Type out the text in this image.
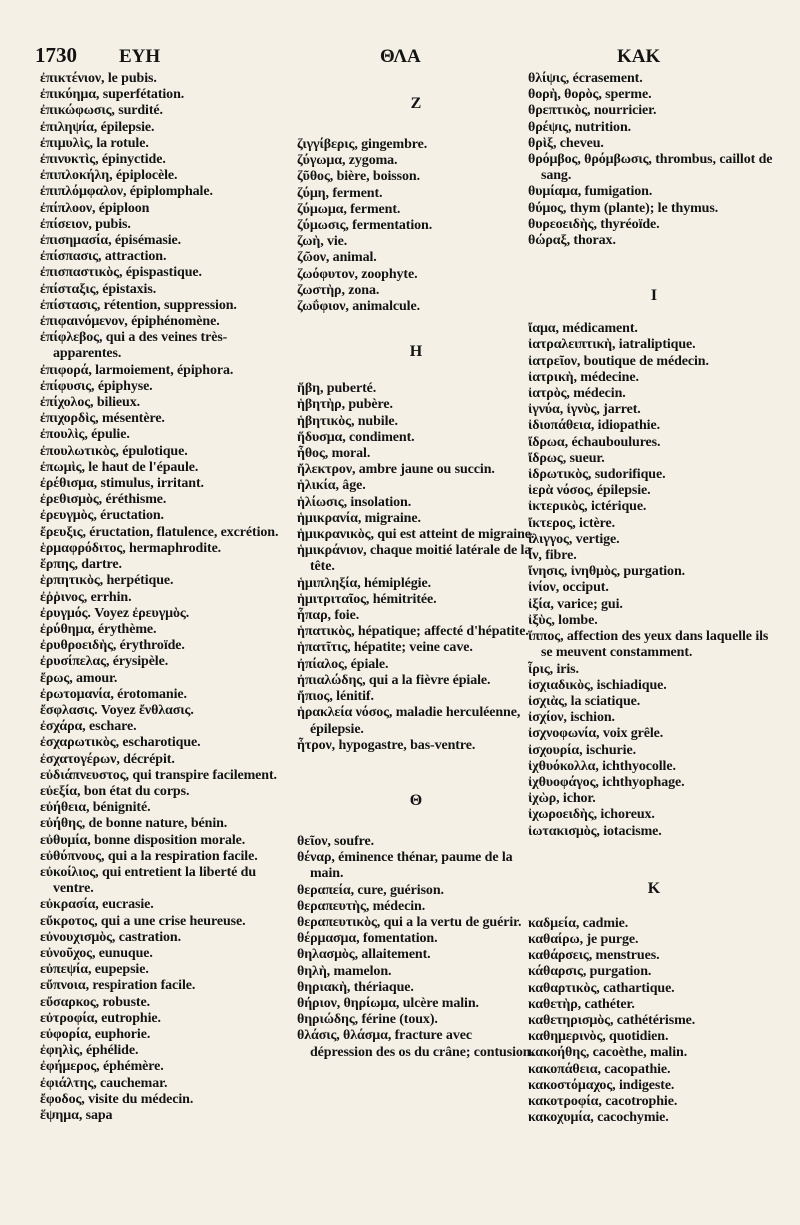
1730 ΕΥΗ	ΘΛΑ	ΚΑΚ

ἐπικτένιον, le pubis.

ἐπικύημα, superfétation.

ἐπικώφωσις, surdité.

ἐπιληψία, épilepsie.

ἐπιμυλὶς, la rotule.

ἐπινυκτὶς, épinyctide.

ἐπιπλοκήλη, épiplocèle.

ἐπιπλόμφαλον, épiplomphale.

ἐπίπλοον, épiploon

ἐπίσειον, pubis.

ἐπισημασία, épisémasie.

ἐπίσπασις, attraction.

ἐπισπαστικὸς, épispastique.

ἐπίσταξις, épistaxis.

ἐπίστασις, rétention, suppression.

ἐπιφαινόμενον, épiphénomène.

ἐπίφλεβος, qui a des veines très-apparentes.

ἐπιφορά, larmoiement, épiphora.

ἐπίφυσις, épiphyse.

ἐπίχολος, bilieux.

ἐπιχορδὶς, mésentère.

ἐπουλὶς, épulie.

ἐπουλωτικὸς, épulotique.

ἐπωμὶς, le haut de l'épaule.

ἐρέθισμα, stimulus, irritant.

ἐρεθισμὸς, éréthisme.

ἐρευγμὸς, éructation.

ἔρευξις, éructation, flatulence, excrétion.

ἑρμαφρόδιτος, hermaphrodite.

ἕρπης, dartre.

ἑρπητικὸς, herpétique.

ἐῤῥινος, errhin.

ἐρυγμός. Voyez ἐρευγμὸς.

ἐρύθημα, érythème.

ἐρυθροειδὴς, érythroïde.

ἐρυσίπελας, érysipèle.

ἔρως, amour.

ἐρωτομανία, érotomanie.

ἔσφλασις. Voyez ἔνθλασις.

ἐσχάρα, eschare.

ἐσχαρωτικὸς, escharotique.

ἐσχατογέρων, décrépit.

εὐδιάπνευστος, qui transpire facilement.

εὐεξία, bon état du corps.

εὐήθεια, bénignité.

εὐήθης, de bonne nature, bénin.

εὐθυμία, bonne disposition morale.

εὐθύπνους, qui a la respiration facile.

εὐκοίλιος, qui entretient la liberté du ventre.

εὐκρασία, eucrasie.

εὔκροτος, qui a une crise heureuse.

εὐνουχισμὸς, castration.

εὐνοῦχος, eunuque.

εὐπεψία, eupepsie.

εὔπνοια, respiration facile.

εὔσαρκος, robuste.

εὐτροφία, eutrophie.

εὐφορία, euphorie.

ἐφηλὶς, éphélide.

ἐφήμερος, éphémère.

ἐφιάλτης, cauchemar.

ἔφοδος, visite du médecin.

ἕψημα, sapa

Ζ

ζιγγίβερις, gingembre.

ζύγωμα, zygoma.

ζῦθος, bière, boisson.

ζύμη, ferment.

ζύμωμα, ferment.

ζύμωσις, fermentation.

ζωὴ, vie.

ζῶον, animal.

ζωόφυτον, zoophyte.

ζωστὴρ, zona.

ζωΰφιον, animalcule.

Η

ἥβη, puberté.

ἡβητὴρ, pubère.

ἡβητικὸς, nubile.

ἥδυσμα, condiment.

ἦθος, moral.

ἤλεκτρον, ambre jaune ou succin.

ἡλικία, âge.

ἡλίωσις, insolation.

ἡμικρανία, migraine.

ἡμικρανικὸς, qui est atteint de migraine.

ἡμικράνιον, chaque moitié latérale de la tête.

ἡμιπληξία, hémiplégie.

ἡμιτριταῖος, hémitritée.

ἧπαρ, foie.

ἡπατικὸς, hépatique; affecté d'hépatite.

ἡπατῖτις, hépatite; veine cave.

ἠπίαλος, épiale.

ἠπιαλώδης, qui a la fièvre épiale.

ἤπιος, lénitif.

ἡρακλεία νόσος, maladie herculéenne, épilepsie.

ἦτρον, hypogastre, bas-ventre.

Θ

θεῖον, soufre.

θέναρ, éminence thénar, paume de la main.

θεραπεία, cure, guérison.

θεραπευτὴς, médecin.

θεραπευτικὸς, qui a la vertu de guérir.

θέρμασμα, fomentation.

θηλασμὸς, allaitement.

θηλὴ, mamelon.

θηριακὴ, thériaque.

θήριον, θηρίωμα, ulcère malin.

θηριώδης, férine (toux).

θλάσις, θλάσμα, fracture avec dépression des os du crâne; contusion.

θλίψις, écrasement.

θορὴ, θορὸς, sperme.

θρεπτικὸς, nourricier.

θρέψις, nutrition.

θρὶξ, cheveu.

θρόμβος, θρόμβωσις, thrombus, caillot de sang.

θυμίαμα, fumigation.

θύμος, thym (plante); le thymus.

θυρεοειδὴς, thyréoïde.

θώραξ, thorax.

Ι

ἴαμα, médicament.

ἰατραλειπτικὴ, iatraliptique.

ἰατρεῖον, boutique de médecin.

ἰατρικὴ, médecine.

ἰατρὸς, médecin.

ἰγνύα, ἰγνὺς, jarret.

ἰδιοπάθεια, idiopathie.

ἴδρωα, échauboulures.

ἴδρως, sueur.

ἱδρωτικὸς, sudorifique.

ἱερὰ νόσος, épilepsie.

ἰκτερικὸς, ictérique.

ἴκτερος, ictère.

ἴλιγγος, vertige.

ἶν, fibre.

ἴνησις, ἰνηθμὸς, purgation.

ἰνίον, occiput.

ἰξία, varice; gui.

ἰξὺς, lombe.

ἵππος, affection des yeux dans laquelle ils se meuvent constamment.

ἶρις, iris.

ἰσχιαδικὸς, ischiadique.

ἰσχιὰς, la sciatique.

ἰσχίον, ischion.

ἰσχνοφωνία, voix grêle.

ἰσχουρία, ischurie.

ἰχθυόκολλα, ichthyocolle.

ἰχθυοφάγος, ichthyophage.

ἰχὼρ, ichor.

ἰχωροειδὴς, ichoreux.

ἰωτακισμὸς, iotacisme.

Κ

καδμεία, cadmie.

καθαίρω, je purge.

καθάρσεις, menstrues.

κάθαρσις, purgation.

καθαρτικὸς, cathartique.

καθετὴρ, cathéter.

καθετηρισμὸς, cathétérisme.

καθημερινὸς, quotidien.

κακοήθης, cacoèthe, malin.

κακοπάθεια, cacopathie.

κακοστόμαχος, indigeste.

κακοτροφία, cacotrophie.

κακοχυμία, cacochymie.
